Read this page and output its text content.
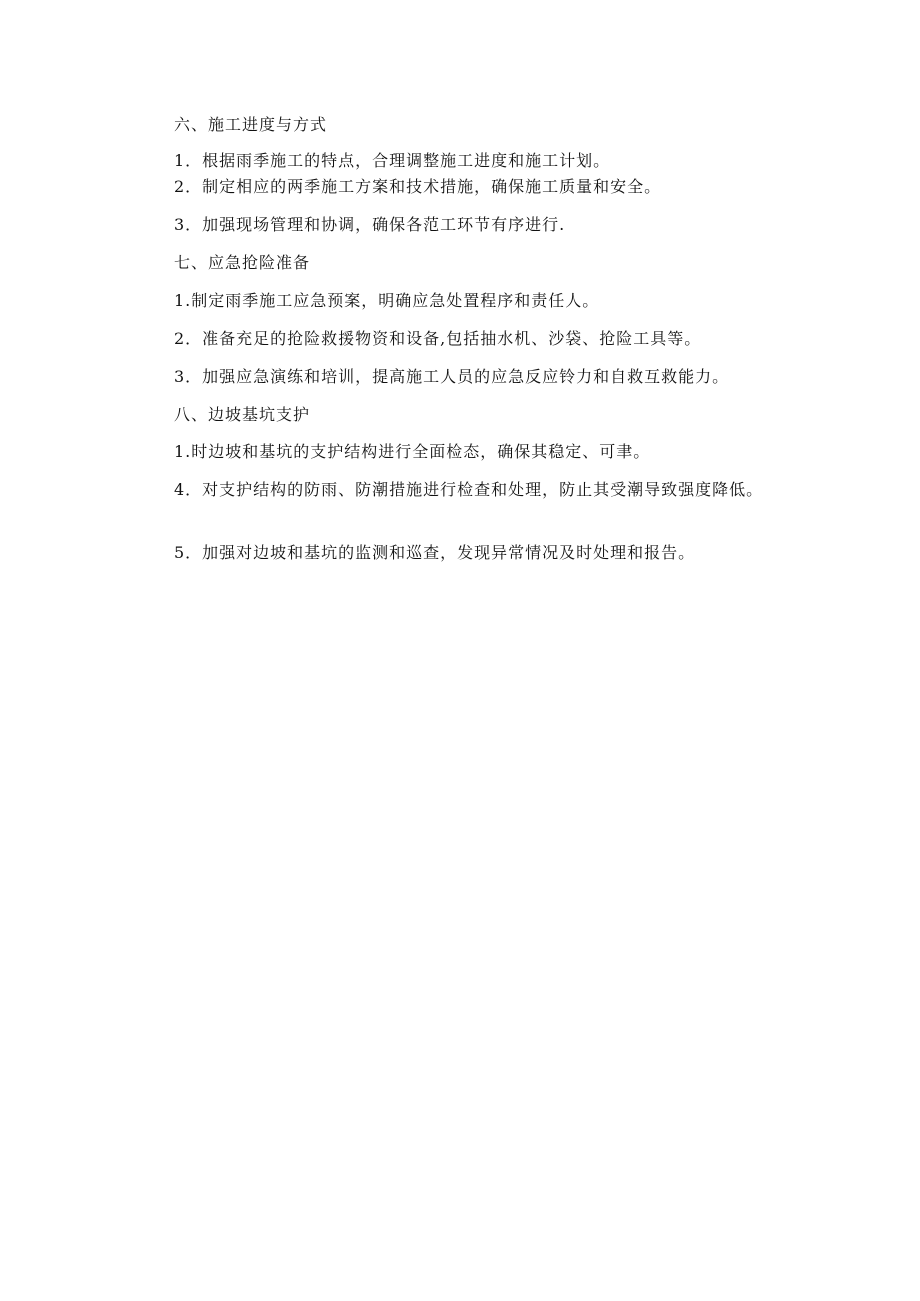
六、施工进度与方式
1．根据雨季施工的特点，合理调整施工进度和施工计划。
2．制定相应的两季施工方案和技术措施，确保施工质量和安全。
3．加强现场管理和协调，确保各范工环节有序进行.
七、应急抢险准备
1.制定雨季施工应急预案，明确应急处置程序和责任人。
2．准备充足的抢险救援物资和设备,包括抽水机、沙袋、抢险工具等。
3．加强应急演练和培训，提高施工人员的应急反应铃力和自救互救能力。
八、边坡基坑支护
1.时边坡和基坑的支护结构进行全面检态，确保其稳定、可聿。
4．对支护结构的防雨、防潮措施进行检查和处理，防止其受潮导致强度降低。
5．加强对边坡和基坑的监测和巡查，发现异常情况及时处理和报告。
